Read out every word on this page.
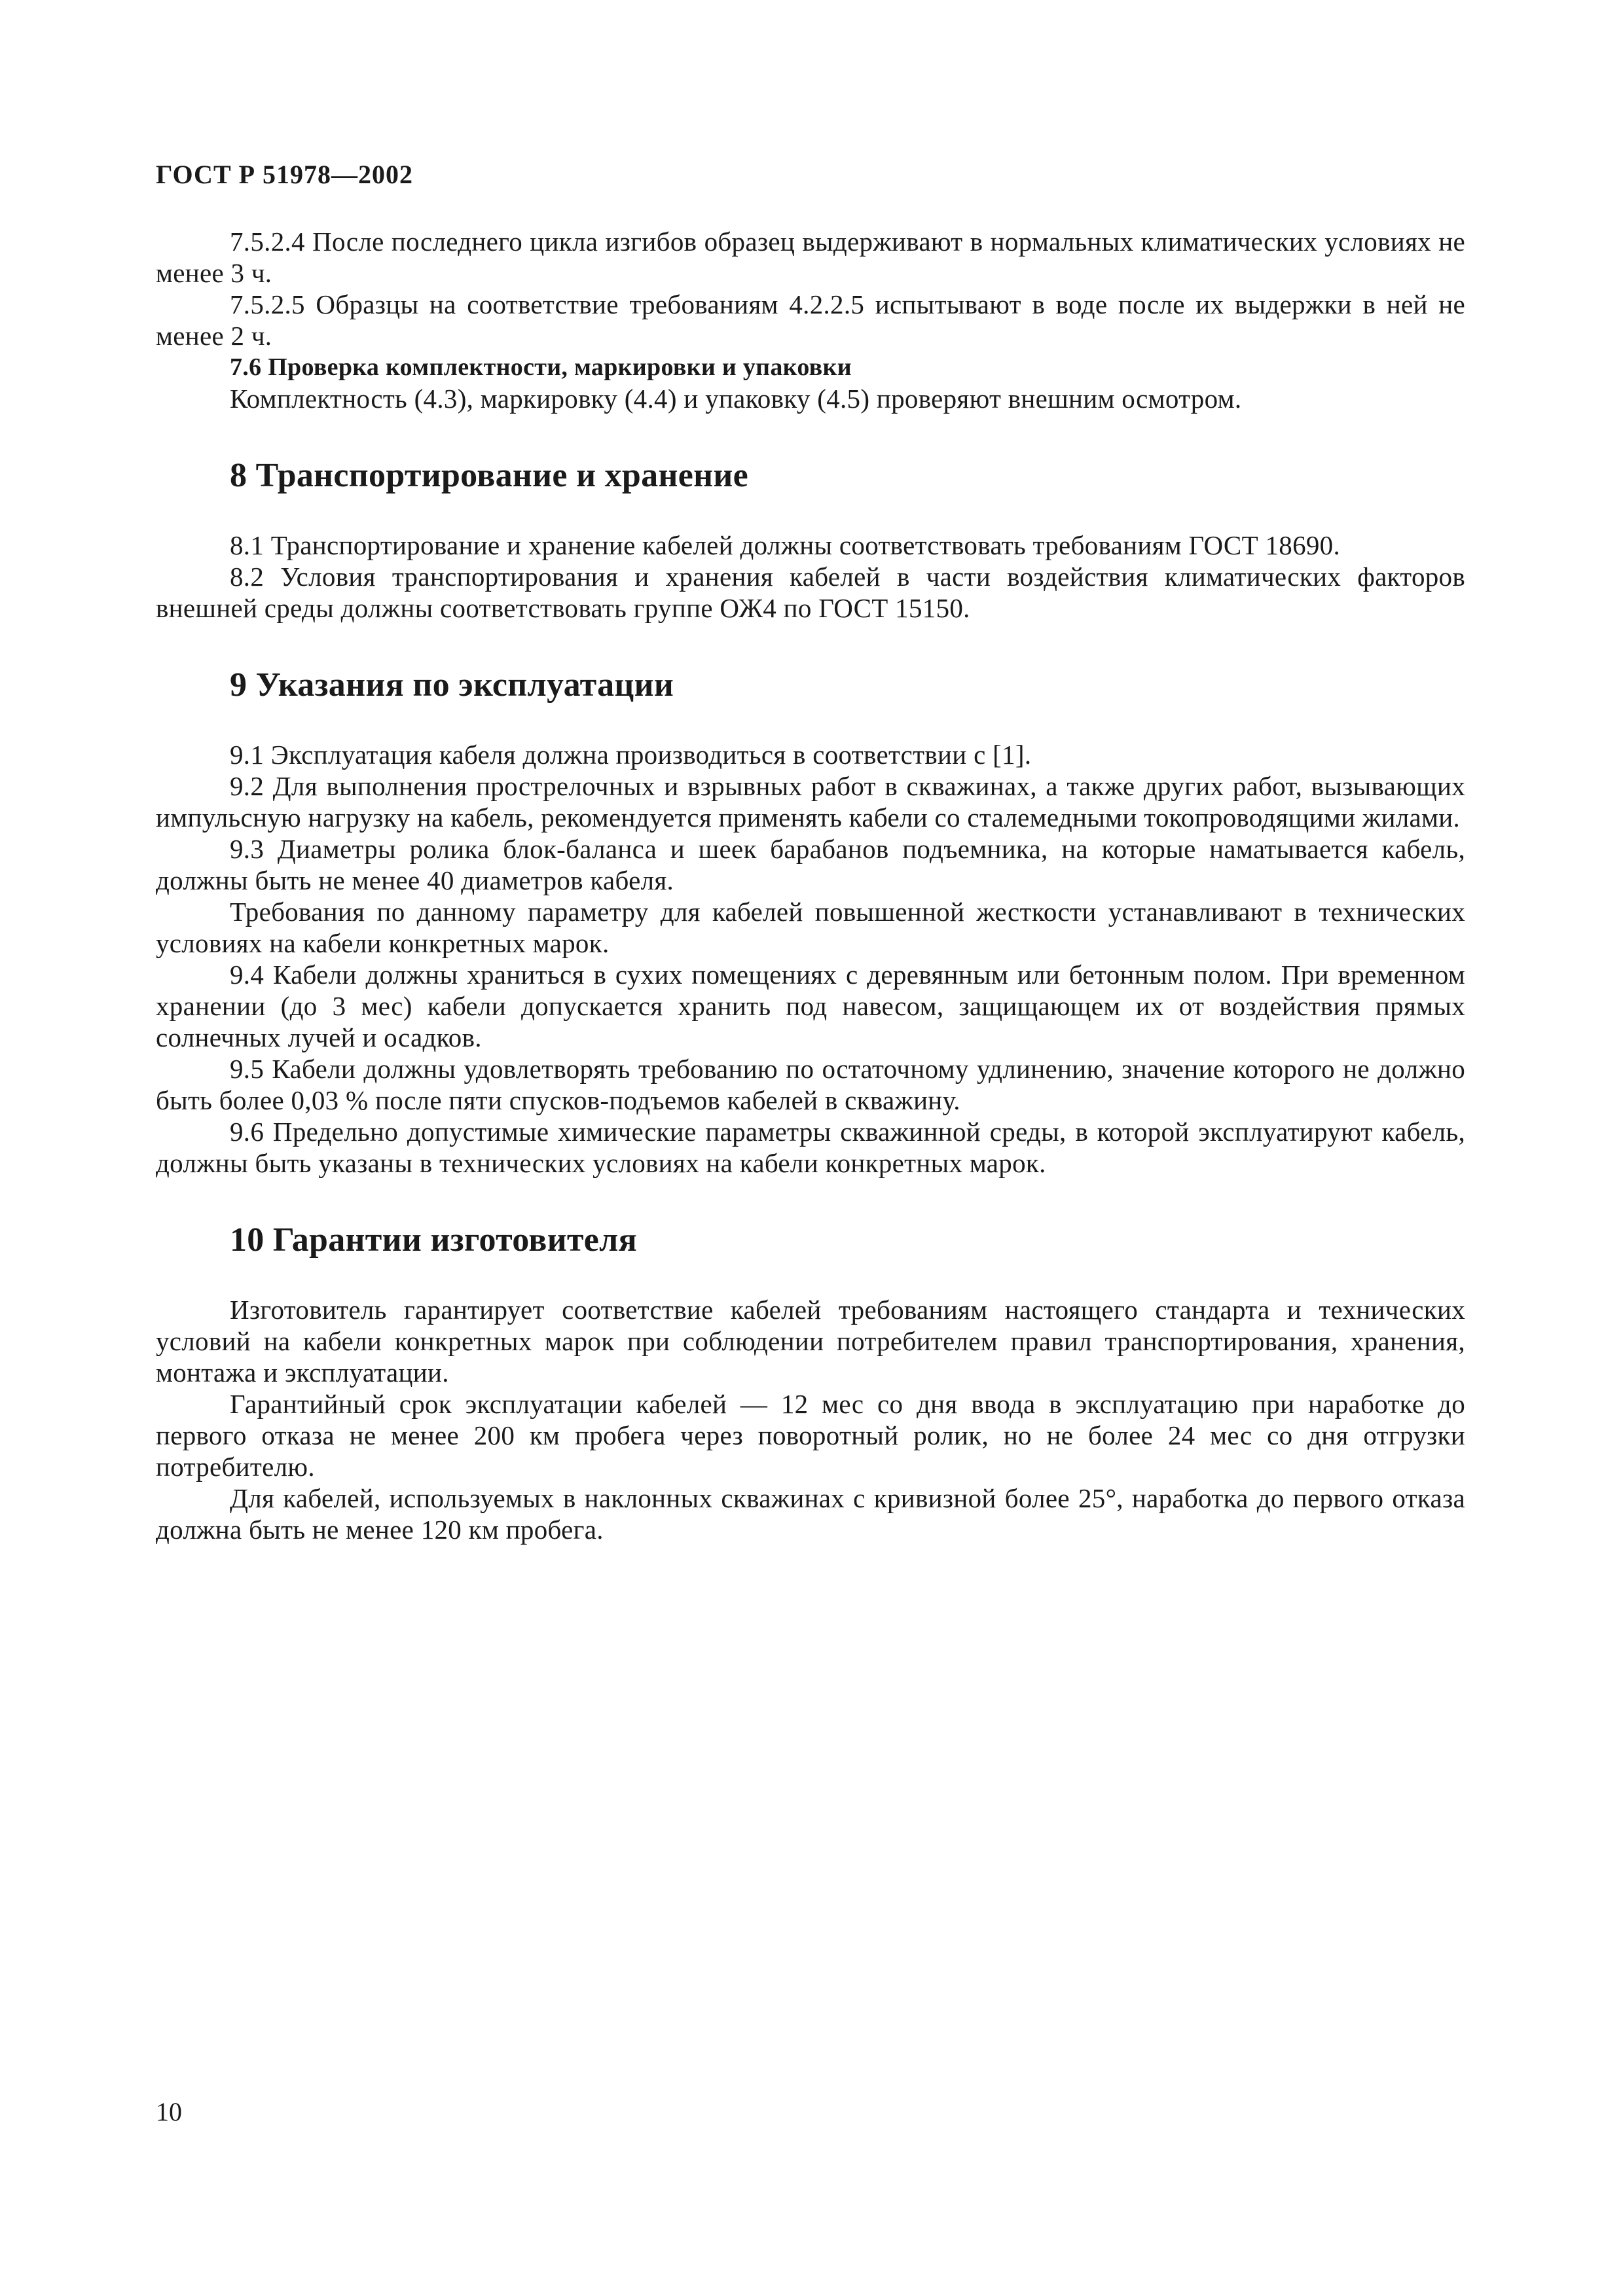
ГОСТ Р 51978—2002

7.5.2.4 После последнего цикла изгибов образец выдерживают в нормальных климатических условиях не менее 3 ч.

7.5.2.5 Образцы на соответствие требованиям 4.2.2.5 испытывают в воде после их выдержки в ней не менее 2 ч.

7.6 Проверка комплектности, маркировки и упаковки

Комплектность (4.3), маркировку (4.4) и упаковку (4.5) проверяют внешним осмотром.

8 Транспортирование и хранение

8.1 Транспортирование и хранение кабелей должны соответствовать требованиям ГОСТ 18690.

8.2 Условия транспортирования и хранения кабелей в части воздействия климатических факторов внешней среды должны соответствовать группе ОЖ4 по ГОСТ 15150.

9 Указания по эксплуатации

9.1 Эксплуатация кабеля должна производиться в соответствии с [1].

9.2 Для выполнения прострелочных и взрывных работ в скважинах, а также других работ, вызывающих импульсную нагрузку на кабель, рекомендуется применять кабели со сталемедными токопроводящими жилами.

9.3 Диаметры ролика блок-баланса и шеек барабанов подъемника, на которые наматывается кабель, должны быть не менее 40 диаметров кабеля.

Требования по данному параметру для кабелей повышенной жесткости устанавливают в технических условиях на кабели конкретных марок.

9.4 Кабели должны храниться в сухих помещениях с деревянным или бетонным полом. При временном хранении (до 3 мес) кабели допускается хранить под навесом, защищающем их от воздействия прямых солнечных лучей и осадков.

9.5 Кабели должны удовлетворять требованию по остаточному удлинению, значение которого не должно быть более 0,03 % после пяти спусков-подъемов кабелей в скважину.

9.6 Предельно допустимые химические параметры скважинной среды, в которой эксплуатируют кабель, должны быть указаны в технических условиях на кабели конкретных марок.

10 Гарантии изготовителя

Изготовитель гарантирует соответствие кабелей требованиям настоящего стандарта и технических условий на кабели конкретных марок при соблюдении потребителем правил транспортирования, хранения, монтажа и эксплуатации.

Гарантийный срок эксплуатации кабелей — 12 мес со дня ввода в эксплуатацию при наработке до первого отказа не менее 200 км пробега через поворотный ролик, но не более 24 мес со дня отгрузки потребителю.

Для кабелей, используемых в наклонных скважинах с кривизной более 25°, наработка до первого отказа должна быть не менее 120 км пробега.

10
